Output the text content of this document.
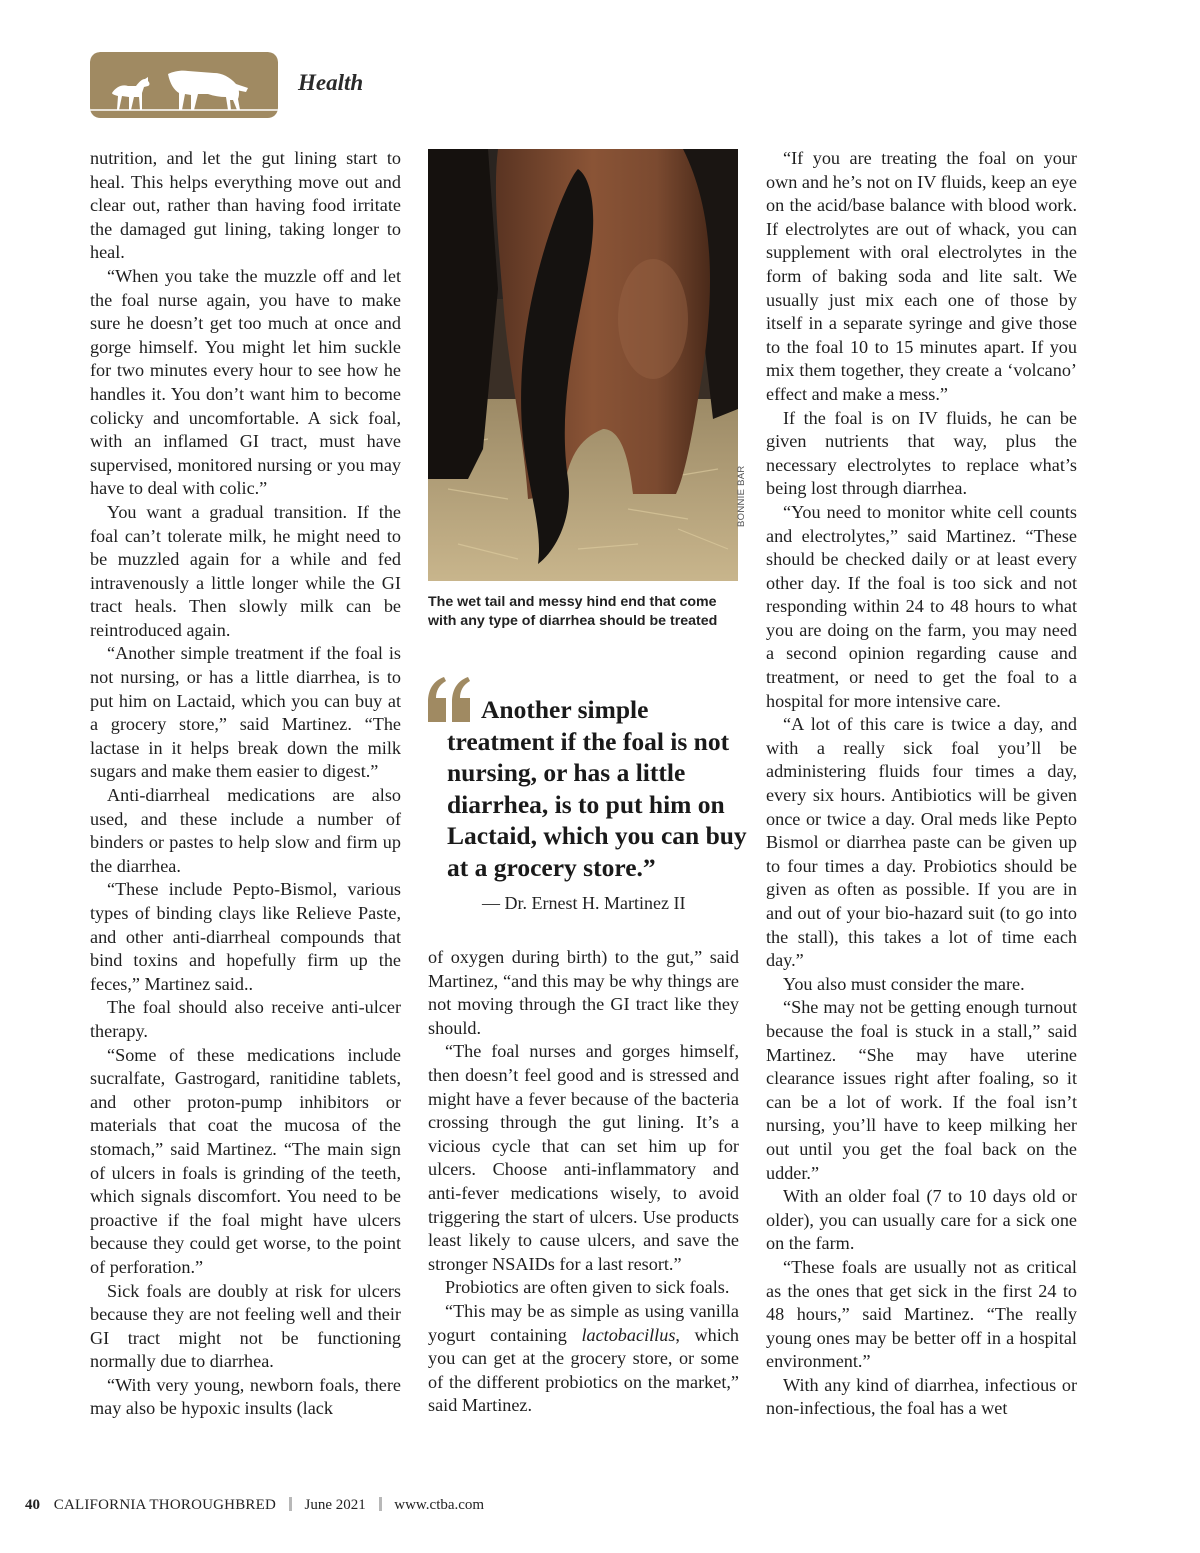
Health

nutrition, and let the gut lining start to heal. This helps everything move out and clear out, rather than having food irritate the damaged gut lining, taking longer to heal.

“When you take the muzzle off and let the foal nurse again, you have to make sure he doesn’t get too much at once and gorge himself. You might let him suckle for two minutes every hour to see how he handles it. You don’t want him to become colicky and uncomfortable. A sick foal, with an inflamed GI tract, must have supervised, monitored nursing or you may have to deal with colic.”

You want a gradual transition. If the foal can’t tolerate milk, he might need to be muzzled again for a while and fed intravenously a little longer while the GI tract heals. Then slowly milk can be reintroduced again.

“Another simple treatment if the foal is not nursing, or has a little diarrhea, is to put him on Lactaid, which you can buy at a grocery store,” said Martinez. “The lactase in it helps break down the milk sugars and make them easier to digest.”

Anti-diarrheal medications are also used, and these include a number of binders or pastes to help slow and firm up the diarrhea.

“These include Pepto-Bismol, various types of binding clays like Relieve Paste, and other anti-diarrheal compounds that bind toxins and hopefully firm up the feces,” Martinez said..

The foal should also receive anti-ulcer therapy.

“Some of these medications include sucralfate, Gastrogard, ranitidine tablets, and other proton-pump inhibitors or materials that coat the mucosa of the stomach,” said Martinez. “The main sign of ulcers in foals is grinding of the teeth, which signals discomfort. You need to be proactive if the foal might have ulcers because they could get worse, to the point of perforation.”

Sick foals are doubly at risk for ulcers because they are not feeling well and their GI tract might not be functioning normally due to diarrhea.

“With very young, newborn foals, there may also be hypoxic insults (lack

BONNIE BAR
The wet tail and messy hind end that come with any type of diarrhea should be treated
Another simple
treatment if the foal is not nursing, or has a little diarrhea, is to put him on Lactaid, which you can buy at a grocery store.”
— Dr. Ernest H. Martinez II

of oxygen during birth) to the gut,” said Martinez, “and this may be why things are not moving through the GI tract like they should.

“The foal nurses and gorges himself, then doesn’t feel good and is stressed and might have a fever because of the bacteria crossing through the gut lining. It’s a vicious cycle that can set him up for ulcers. Choose anti-inflammatory and anti-fever medications wisely, to avoid triggering the start of ulcers. Use products least likely to cause ulcers, and save the stronger NSAIDs for a last resort.”

Probiotics are often given to sick foals.

“This may be as simple as using vanilla yogurt containing lactobacillus, which you can get at the grocery store, or some of the different probiotics on the market,” said Martinez.

“If you are treating the foal on your own and he’s not on IV fluids, keep an eye on the acid/base balance with blood work. If electrolytes are out of whack, you can supplement with oral electrolytes in the form of baking soda and lite salt. We usually just mix each one of those by itself in a separate syringe and give those to the foal 10 to 15 minutes apart. If you mix them together, they create a ‘volcano’ effect and make a mess.”

If the foal is on IV fluids, he can be given nutrients that way, plus the necessary electrolytes to replace what’s being lost through diarrhea.

“You need to monitor white cell counts and electrolytes,” said Martinez. “These should be checked daily or at least every other day. If the foal is too sick and not responding within 24 to 48 hours to what you are doing on the farm, you may need a second opinion regarding cause and treatment, or need to get the foal to a hospital for more intensive care.

“A lot of this care is twice a day, and with a really sick foal you’ll be administering fluids four times a day, every six hours. Antibiotics will be given once or twice a day. Oral meds like Pepto Bismol or diarrhea paste can be given up to four times a day. Probiotics should be given as often as possible. If you are in and out of your bio-hazard suit (to go into the stall), this takes a lot of time each day.”

You also must consider the mare.

“She may not be getting enough turnout because the foal is stuck in a stall,” said Martinez. “She may have uterine clearance issues right after foaling, so it can be a lot of work. If the foal isn’t nursing, you’ll have to keep milking her out until you get the foal back on the udder.”

With an older foal (7 to 10 days old or older), you can usually care for a sick one on the farm.

“These foals are usually not as critical as the ones that get sick in the first 24 to 48 hours,” said Martinez. “The really young ones may be better off in a hospital environment.”

With any kind of diarrhea, infectious or non-infectious, the foal has a wet

40 CALIFORNIA THOROUGHBRED June 2021 www.ctba.com
